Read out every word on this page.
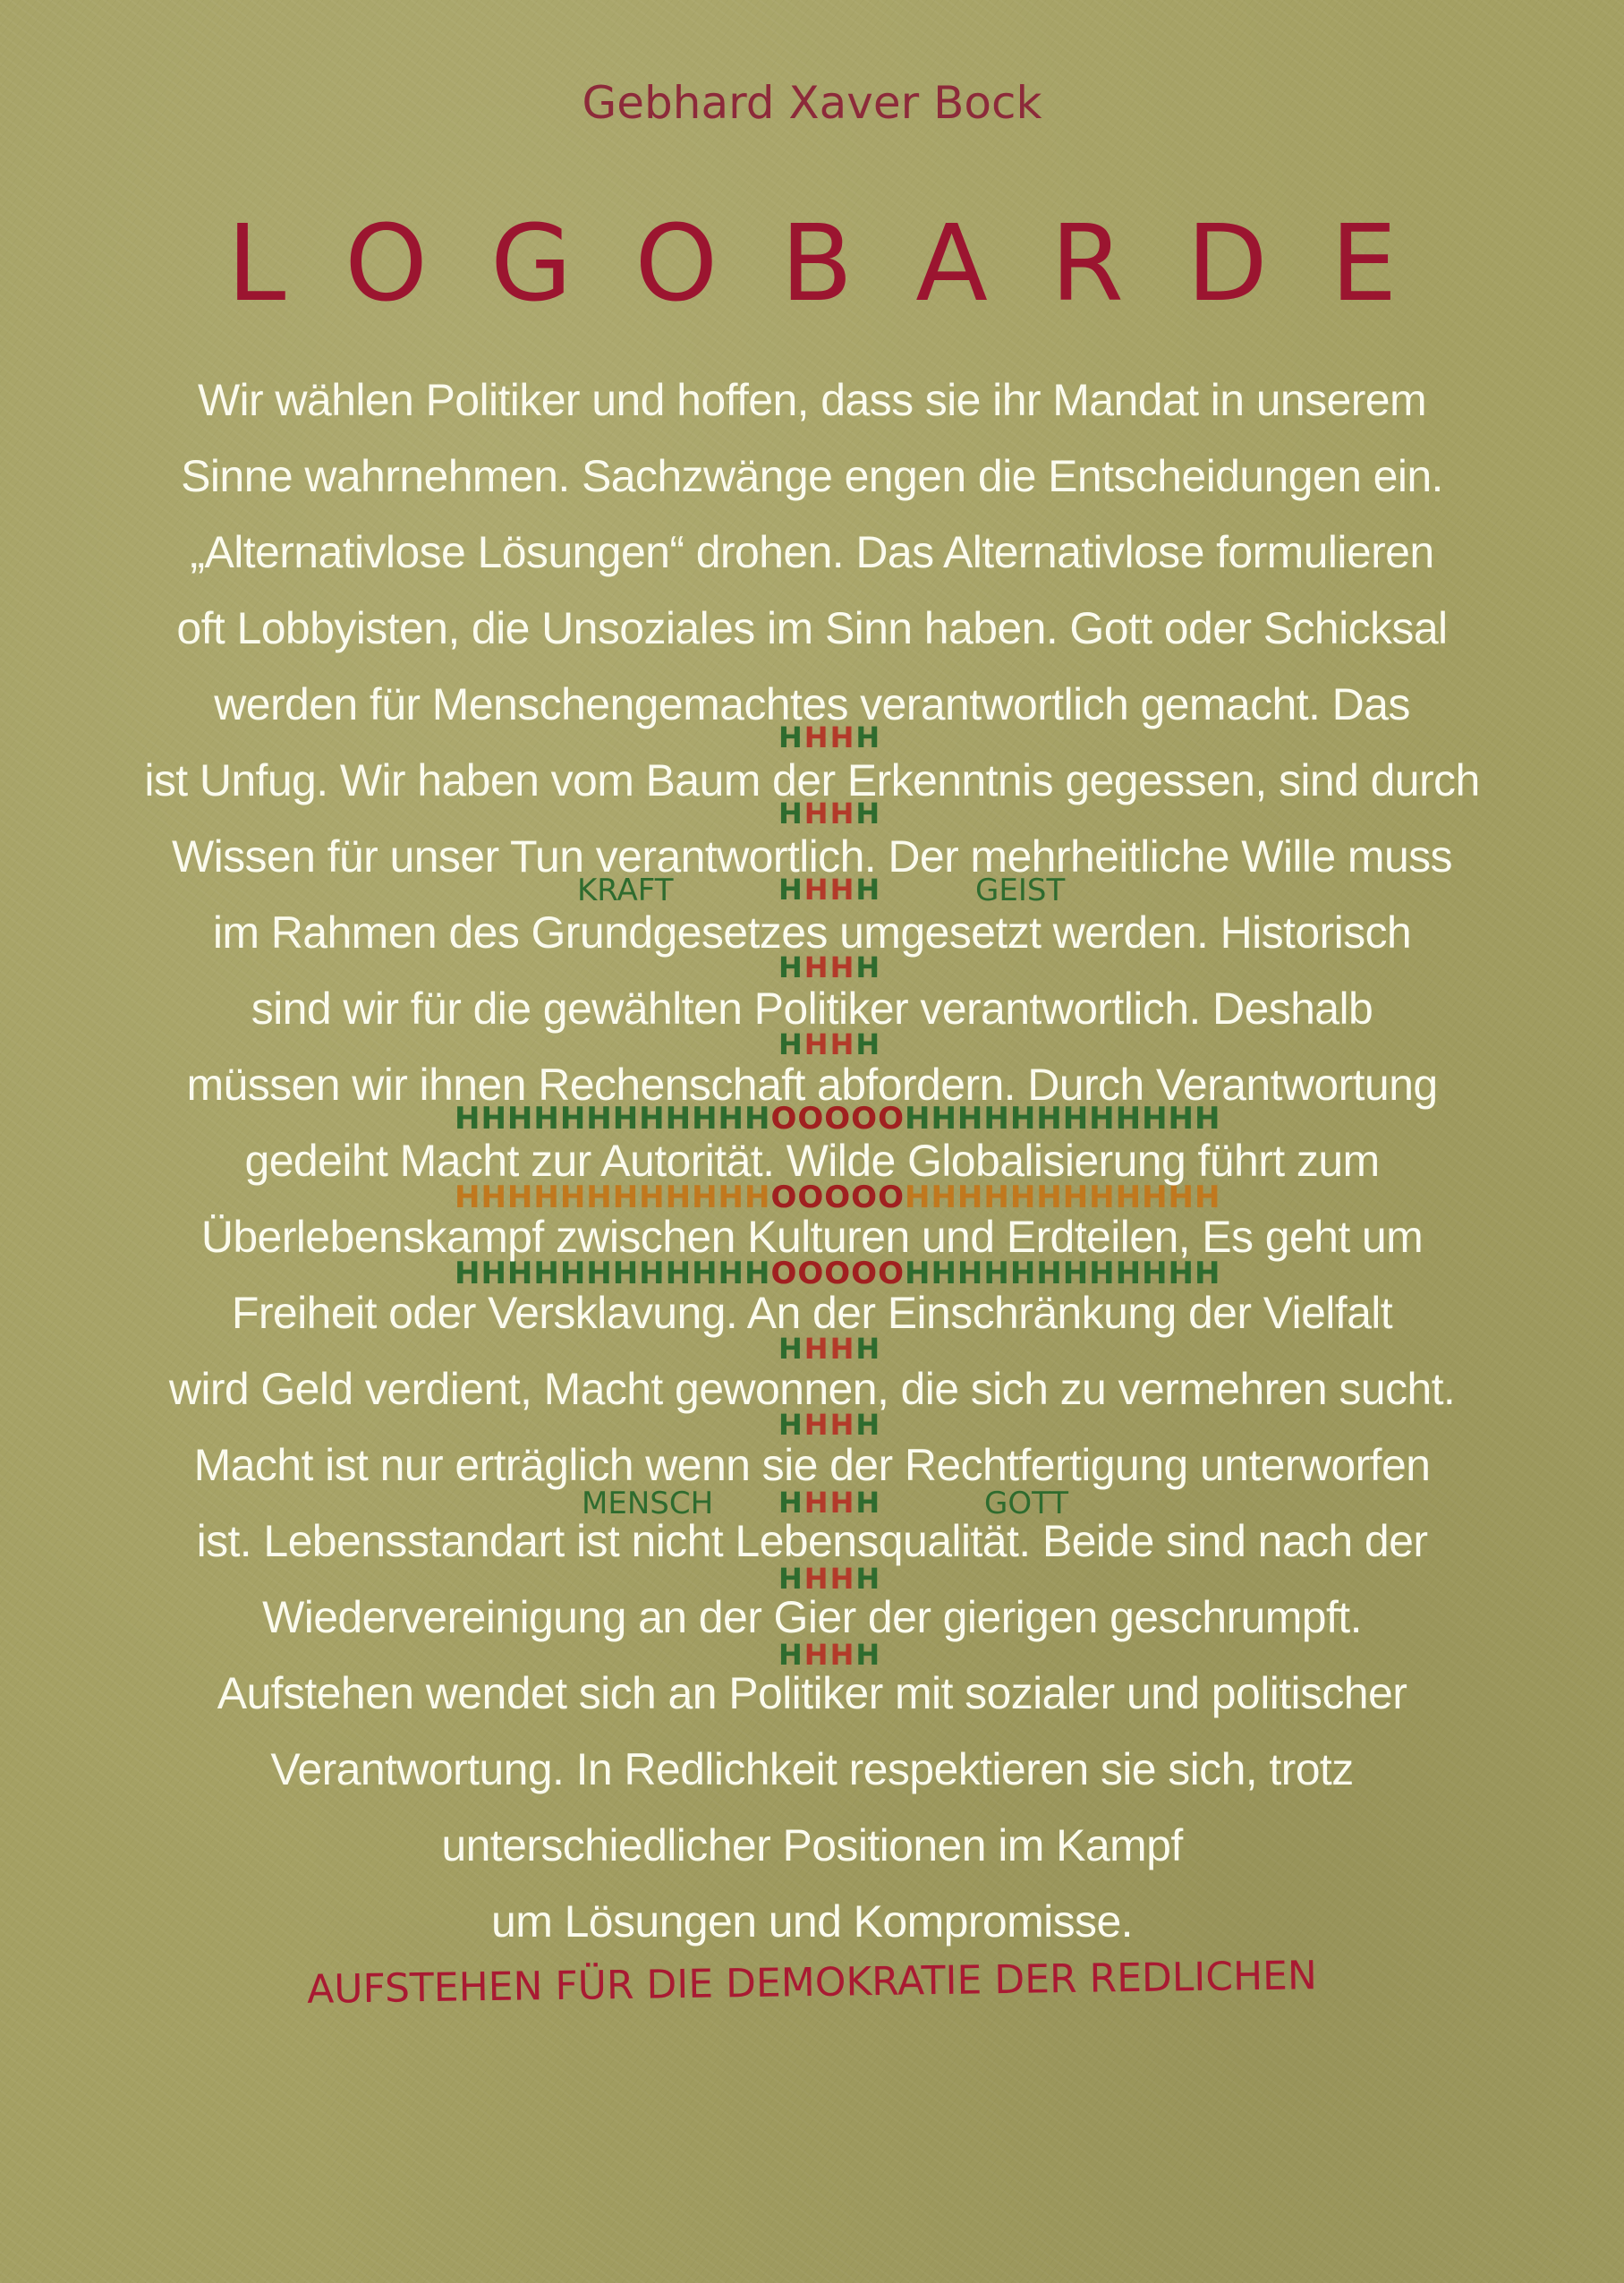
Gebhard Xaver Bock
LOGOBARDE
HHHH
HHHH
HHHH
HHHH
HHHH
KRAFT	GEIST
HHHHHHHHHHHHOOOOOHHHHHHHHHHHH
HHHHHHHHHHHHOOOOOHHHHHHHHHHHH
HHHHHHHHHHHHOOOOOHHHHHHHHHHHH
HHHH
HHHH
HHHH
HHHH
HHHH
MENSCH	GOTT
Wir wählen Politiker und hoffen, dass sie ihr Mandat in unserem
Sinne wahrnehmen. Sachzwänge engen die Entscheidungen ein.
„Alternativlose Lösungen“ drohen. Das Alternativlose formulieren
oft Lobbyisten, die Unsoziales im Sinn haben. Gott oder Schicksal
werden für Menschengemachtes verantwortlich gemacht. Das
ist Unfug. Wir haben vom Baum der Erkenntnis gegessen, sind durch
Wissen für unser Tun verantwortlich. Der mehrheitliche Wille muss
im Rahmen des Grundgesetzes umgesetzt werden. Historisch
sind wir für die gewählten Politiker verantwortlich. Deshalb
müssen wir ihnen Rechenschaft abfordern. Durch Verantwortung
gedeiht Macht zur Autorität. Wilde Globalisierung führt zum
Überlebenskampf zwischen Kulturen und Erdteilen, Es geht um
Freiheit oder Versklavung. An der Einschränkung der Vielfalt
wird Geld verdient, Macht gewonnen, die sich zu vermehren sucht.
Macht ist nur erträglich wenn sie der Rechtfertigung unterworfen
ist. Lebensstandart ist nicht Lebensqualität. Beide sind nach der
Wiedervereinigung an der Gier der gierigen geschrumpft.
Aufstehen wendet sich an Politiker mit sozialer und politischer
Verantwortung. In Redlichkeit respektieren sie sich, trotz
unterschiedlicher Positionen im Kampf
um Lösungen und Kompromisse.
AUFSTEHEN FÜR DIE DEMOKRATIE DER REDLICHEN
